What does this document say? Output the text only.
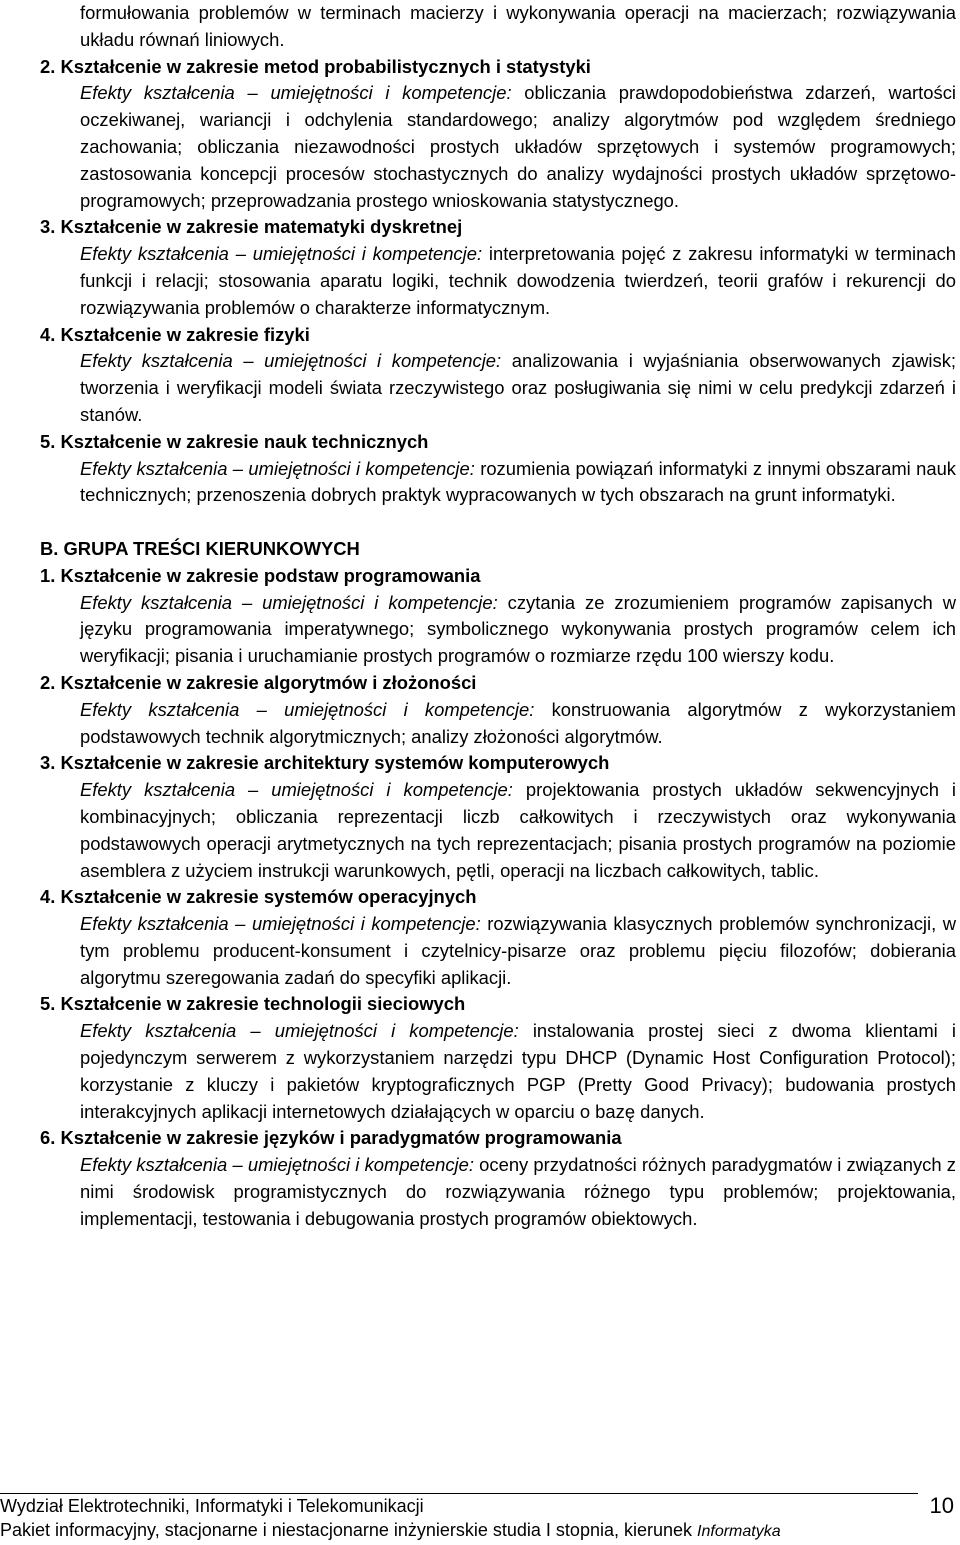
formułowania problemów w terminach macierzy i wykonywania operacji na macierzach; rozwiązywania układu równań liniowych.

2. Kształcenie w zakresie metod probabilistycznych i statystyki

Efekty kształcenia – umiejętności i kompetencje: obliczania prawdopodobieństwa zdarzeń, wartości oczekiwanej, wariancji i odchylenia standardowego; analizy algorytmów pod względem średniego zachowania; obliczania niezawodności prostych układów sprzętowych i systemów programowych; zastosowania koncepcji procesów stochastycznych do analizy wydajności prostych układów sprzętowo-programowych; przeprowadzania prostego wnioskowania statystycznego.

3. Kształcenie w zakresie matematyki dyskretnej

Efekty kształcenia – umiejętności i kompetencje: interpretowania pojęć z zakresu informatyki w terminach funkcji i relacji; stosowania aparatu logiki, technik dowodzenia twierdzeń, teorii grafów i rekurencji do rozwiązywania problemów o charakterze informatycznym.

4. Kształcenie w zakresie fizyki

Efekty kształcenia – umiejętności i kompetencje: analizowania i wyjaśniania obserwowanych zjawisk; tworzenia i weryfikacji modeli świata rzeczywistego oraz posługiwania się nimi w celu predykcji zdarzeń i stanów.

5. Kształcenie w zakresie nauk technicznych

Efekty kształcenia – umiejętności i kompetencje: rozumienia powiązań informatyki z innymi obszarami nauk technicznych; przenoszenia dobrych praktyk wypracowanych w tych obszarach na grunt informatyki.

B. GRUPA TREŚCI KIERUNKOWYCH

1. Kształcenie w zakresie podstaw programowania

Efekty kształcenia – umiejętności i kompetencje: czytania ze zrozumieniem programów zapisanych w języku programowania imperatywnego; symbolicznego wykonywania prostych programów celem ich weryfikacji; pisania i uruchamianie prostych programów o rozmiarze rzędu 100 wierszy kodu.

2. Kształcenie w zakresie algorytmów i złożoności

Efekty kształcenia – umiejętności i kompetencje: konstruowania algorytmów z wykorzystaniem podstawowych technik algorytmicznych; analizy złożoności algorytmów.

3. Kształcenie w zakresie architektury systemów komputerowych

Efekty kształcenia – umiejętności i kompetencje: projektowania prostych układów sekwencyjnych i kombinacyjnych; obliczania reprezentacji liczb całkowitych i rzeczywistych oraz wykonywania podstawowych operacji arytmetycznych na tych reprezentacjach; pisania prostych programów na poziomie asemblera z użyciem instrukcji warunkowych, pętli, operacji na liczbach całkowitych, tablic.

4. Kształcenie w zakresie systemów operacyjnych

Efekty kształcenia – umiejętności i kompetencje: rozwiązywania klasycznych problemów synchronizacji, w tym problemu producent-konsument i czytelnicy-pisarze oraz problemu pięciu filozofów; dobierania algorytmu szeregowania zadań do specyfiki aplikacji.

5. Kształcenie w zakresie technologii sieciowych

Efekty kształcenia – umiejętności i kompetencje: instalowania prostej sieci z dwoma klientami i pojedynczym serwerem z wykorzystaniem narzędzi typu DHCP (Dynamic Host Configuration Protocol); korzystanie z kluczy i pakietów kryptograficznych PGP (Pretty Good Privacy); budowania prostych interakcyjnych aplikacji internetowych działających w oparciu o bazę danych.

6. Kształcenie w zakresie języków i paradygmatów programowania

Efekty kształcenia – umiejętności i kompetencje: oceny przydatności różnych paradygmatów i związanych z nimi środowisk programistycznych do rozwiązywania różnego typu problemów; projektowania, implementacji, testowania i debugowania prostych programów obiektowych.

Wydział Elektrotechniki, Informatyki i Telekomunikacji
Pakiet informacyjny, stacjonarne i niestacjonarne inżynierskie studia I stopnia, kierunek Informatyka
10
